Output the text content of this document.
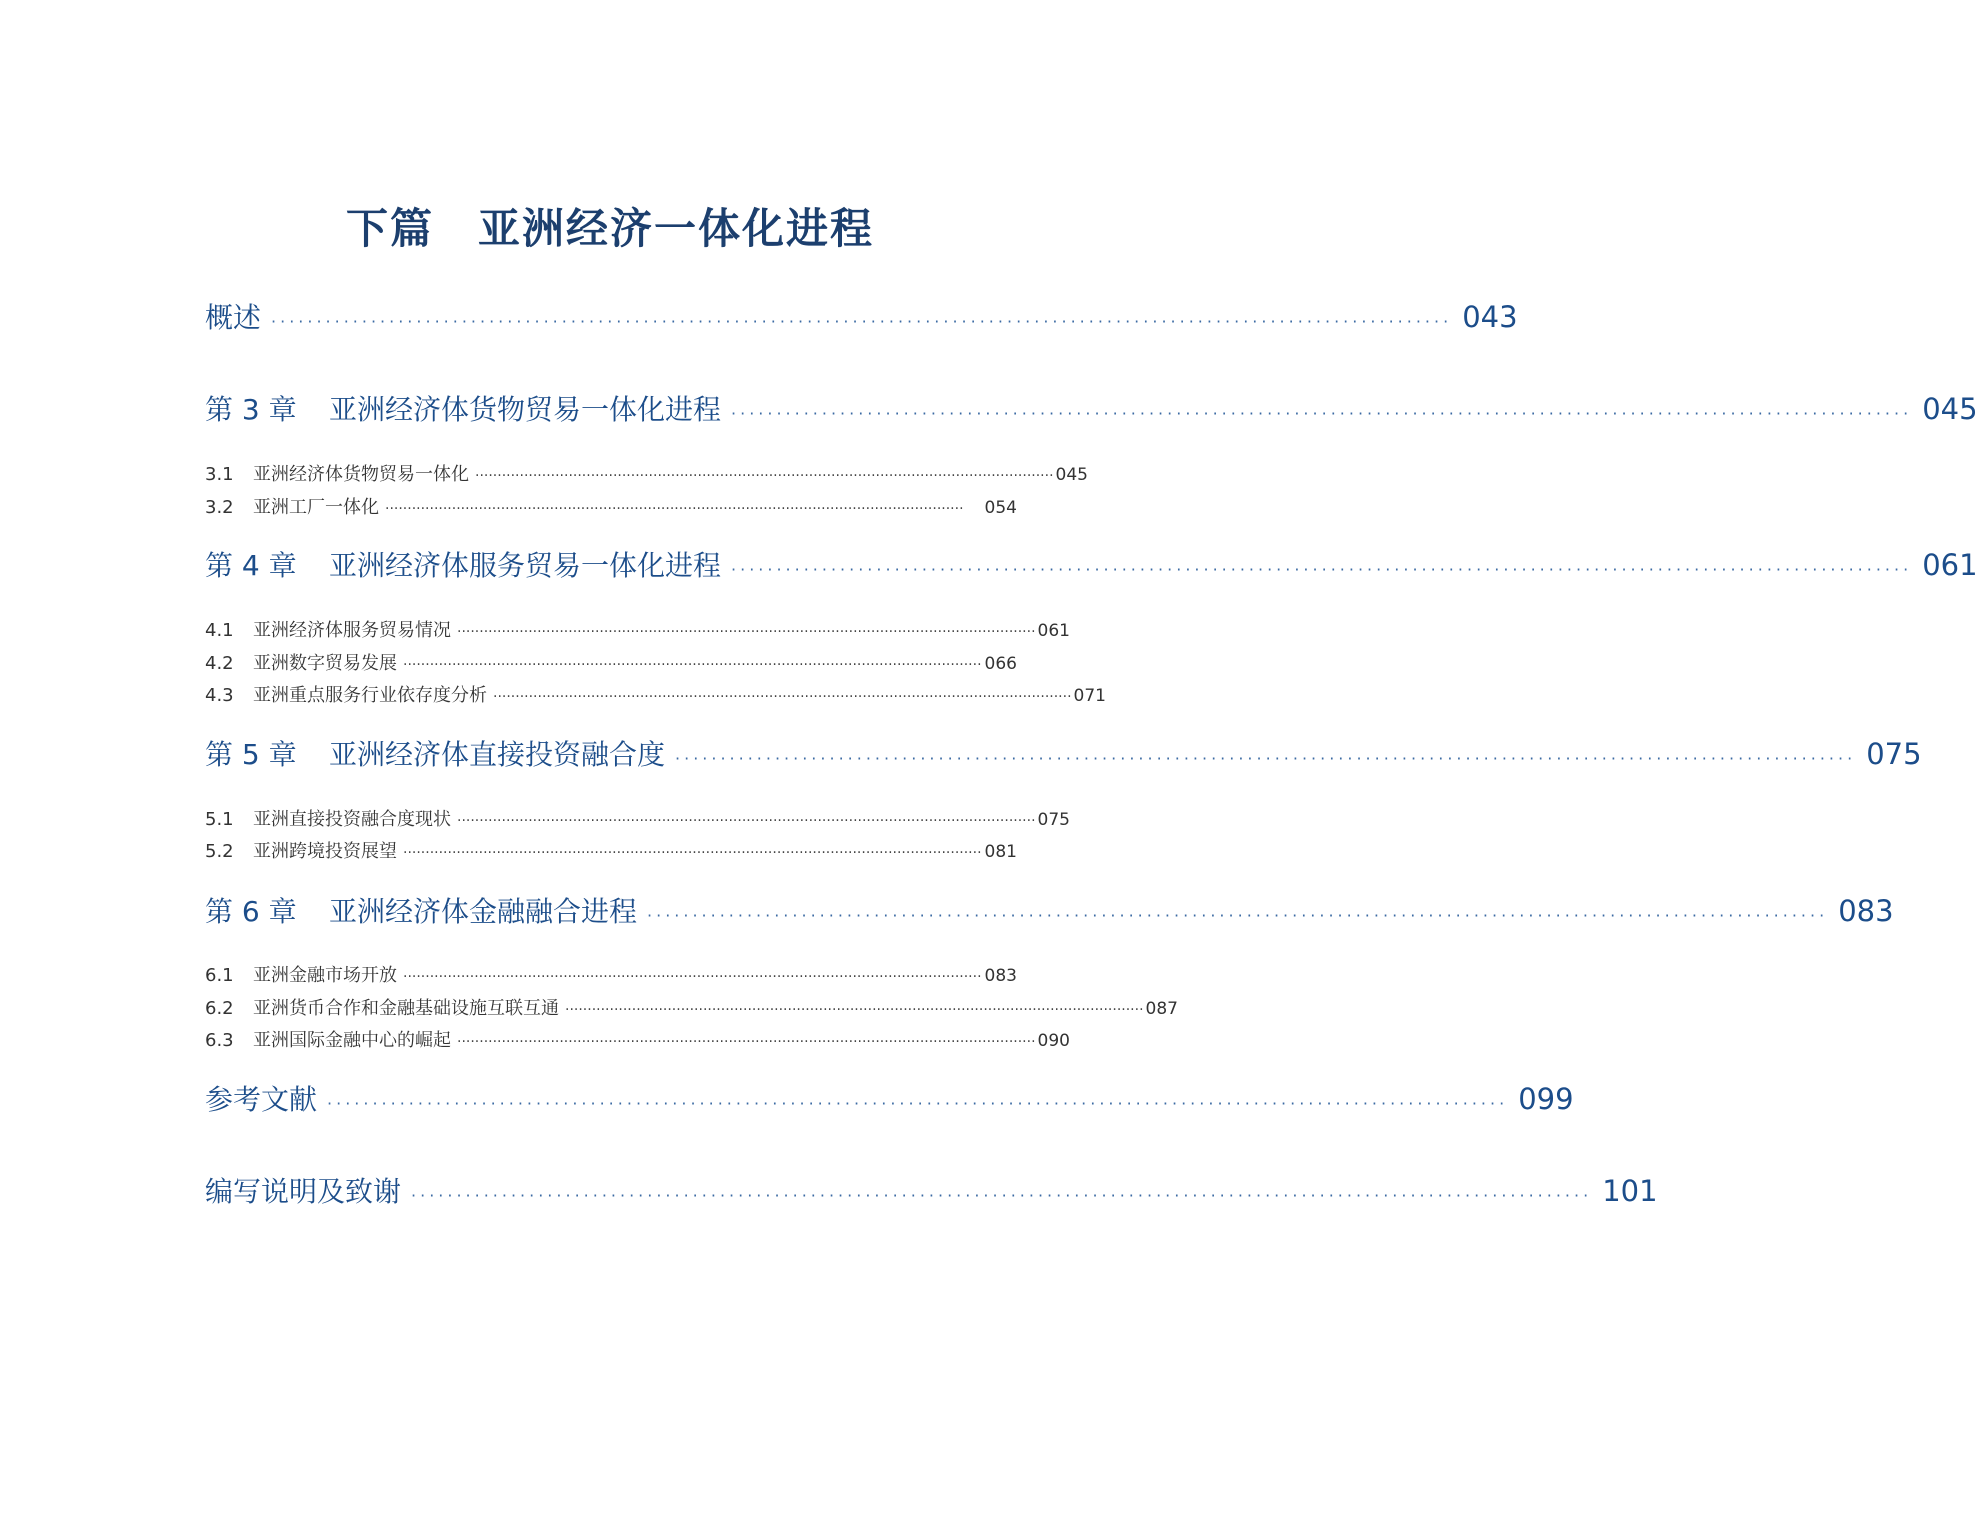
下篇　亚洲经济一体化进程
概述 ·································································································································· 043
第 3 章 亚洲经济体货物贸易一体化进程 ·································································································································· 045
3.1 亚洲经济体货物贸易一体化 ·································································································································· 045
3.2 亚洲工厂一体化 ··································································································································	054
第 4 章 亚洲经济体服务贸易一体化进程 ·································································································································· 061
4.1 亚洲经济体服务贸易情况 ·································································································································· 061
4.2 亚洲数字贸易发展 ·································································································································· 066
4.3 亚洲重点服务行业依存度分析 ·································································································································· 071
第 5 章 亚洲经济体直接投资融合度 ·································································································································· 075
5.1 亚洲直接投资融合度现状 ·································································································································· 075
5.2 亚洲跨境投资展望 ·································································································································· 081
第 6 章 亚洲经济体金融融合进程 ·································································································································· 083
6.1 亚洲金融市场开放 ·································································································································· 083
6.2 亚洲货币合作和金融基础设施互联互通 ·································································································································· 087
6.3 亚洲国际金融中心的崛起 ·································································································································· 090
参考文献 ·································································································································· 099
编写说明及致谢 ·································································································································· 101
